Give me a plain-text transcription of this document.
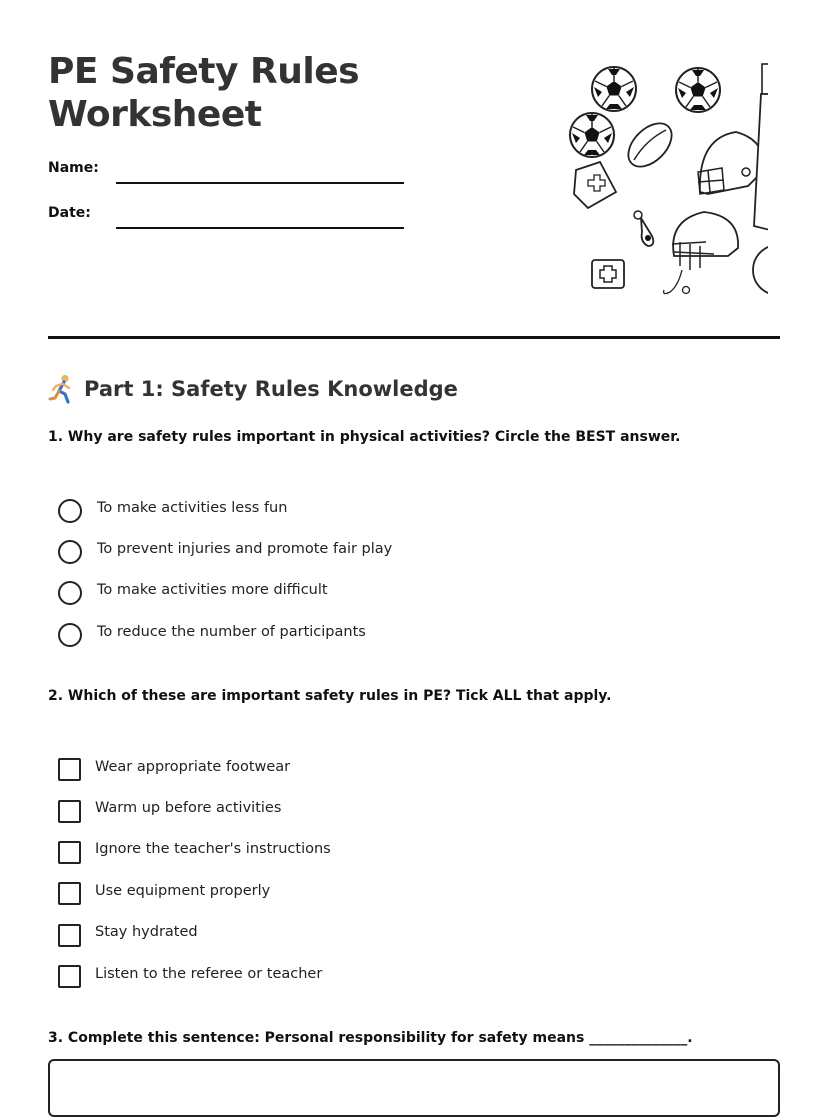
PE Safety Rules
Worksheet
Name:
Date:
Part 1: Safety Rules Knowledge

1. Why are safety rules important in physical activities? Circle the BEST answer.

To make activities less fun
To prevent injuries and promote fair play
To make activities more difficult
To reduce the number of participants

2. Which of these are important safety rules in PE? Tick ALL that apply.

Wear appropriate footwear
Warm up before activities
Ignore the teacher's instructions
Use equipment properly
Stay hydrated
Listen to the referee or teacher

3. Complete this sentence: Personal responsibility for safety means ______________.
